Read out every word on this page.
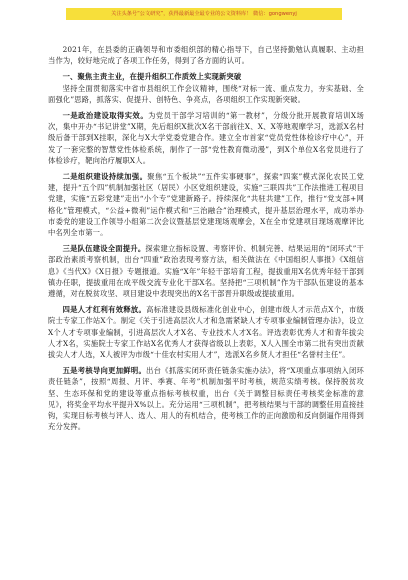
关注头条号“公文研究”，获得最新最全最专业的公文资料库！ 微信：gongwenyj

2021年，在县委的正确领导和市委组织部的精心指导下，自己坚持勤勉认真履职、主动担当作为，较好地完成了各项工作任务，得到了各方面的认可。

一、聚焦主责主业，在提升组织工作质效上实现新突破

坚持全面贯彻落实中省市县组织工作会议精神，围绕“对标一流、重点发力，夯实基础、全面强化”思路，抓落实、促提升、创特色、争亮点，各项组织工作实现新突破。

一是政治建设取得实效。为党员干部学习培训的“第一教材”，分级分批开展教育培训X场次，集中开办“书记讲堂”X期，先后组织X批次X名干部前往X、X、X等地观摩学习，选派X名村级后备干部到X挂职，深化与X大学党委党建合作。建立全市首家“党员党性体检诊疗中心”，开发了一套完整的智慧党性体检系统，制作了一部“党性教育微动漫”，到X个单位X名党员进行了体检诊疗，靶向治疗履职X人。

二是组织建设持续加强。聚焦“五个板块”“五件实事硬事”，探索“四案”模式深化农民工党建，提升“五个四”机制加强社区（居民）小区党组织建设，实施“三联四共”工作法推进工程项目党建，实施“五彩党建”走出“小个专”党建新路子。持续深化“共驻共建”工作，推行“党支部+网格化”管理模式，“公益+微利”运作模式和“三治融合”治理模式，提升基层治理水平，成功举办市委党的建设工作领导小组第二次会议暨基层党建现场观摩会，X在全市党建项目现场观摩评比中名列全市第一。

三是队伍建设全面提升。探索建立指标设置、考察评价、机制完善、结果运用的“闭环式”干部政治素质考察机制，出台“四重”政治表现考察方法，相关做法在《中国组织人事报》《X组信息》《当代X》《X日报》专题报道。实施“X年”年轻干部培育工程，提拔重用X名优秀年轻干部到镇办任职，提拔重用在成平级交流专业化干部X名。坚持把“三项机制”作为干部队伍建设的基本遵循，对在脱贫攻坚、项目建设中表现突出的X名干部晋升职级或提拔重用。

四是人才红利有效释放。高标准建设县级标准化创业中心，创建市级人才示范点X个，市级院士专家工作站X个。制定《关于引进高层次人才和急需紧缺人才专项事业编制管理办法》，设立X个人才专项事业编制，引进高层次人才X名、专业技术人才X名。评选表彰优秀人才和青年拔尖人才X名，实施院士专家工作站X名优秀人才获得省级以上表彰，X人入围全市第二批有突出贡献拔尖人才人选，X人被评为市级“十佳农村实用人才”，选派X名乡贤人才担任“名誉村主任”。

五是考核导向更加鲜明。出台《抓落实闭环责任链条实施办法》，将“X项重点事项纳入闭环责任链条”，按照“周报、月评、季赛、年考”机制加强平时考核，规范实绩考核。保持脱贫攻坚、生态环保和党的建设等重点指标考核权重，出台《关于调整目标责任考核奖金标准的意见》，将奖金平均水平提升X%以上。充分运用“三项机制”，把考核结果与干部的调整任用直接挂钩，实现目标考核与评人、选人、用人的有机结合，使考核工作的正向激励和反向倒逼作用得到充分发挥。
